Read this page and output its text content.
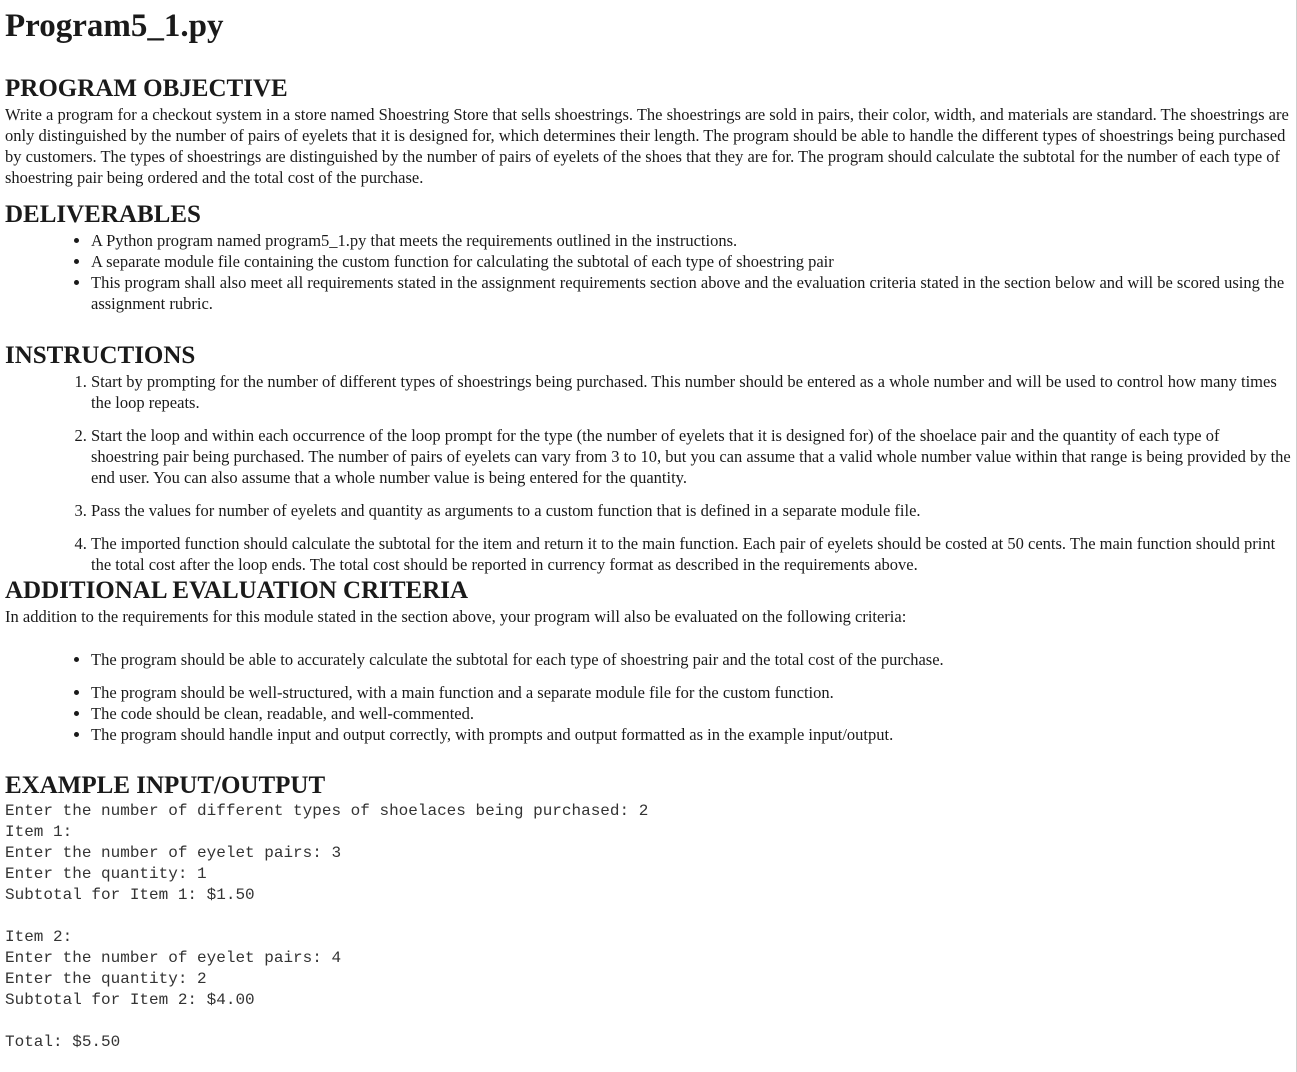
Program5_1.py
PROGRAM OBJECTIVE

Write a program for a checkout system in a store named Shoestring Store that sells shoestrings. The shoestrings are sold in pairs, their color, width, and materials are standard. The shoestrings are only distinguished by the number of pairs of eyelets that it is designed for, which determines their length. The program should be able to handle the different types of shoestrings being purchased by customers. The types of shoestrings are distinguished by the number of pairs of eyelets of the shoes that they are for. The program should calculate the subtotal for the number of each type of shoestring pair being ordered and the total cost of the purchase.

DELIVERABLES
• A Python program named program5_1.py that meets the requirements outlined in the instructions.
• A separate module file containing the custom function for calculating the subtotal of each type of shoestring pair
• This program shall also meet all requirements stated in the assignment requirements section above and the evaluation criteria stated in the section below and will be scored using the assignment rubric.
INSTRUCTIONS
1. Start by prompting for the number of different types of shoestrings being purchased. This number should be entered as a whole number and will be used to control how many times the loop repeats.
2. Start the loop and within each occurrence of the loop prompt for the type (the number of eyelets that it is designed for) of the shoelace pair and the quantity of each type of shoestring pair being purchased. The number of pairs of eyelets can vary from 3 to 10, but you can assume that a valid whole number value within that range is being provided by the end user. You can also assume that a whole number value is being entered for the quantity.
3. Pass the values for number of eyelets and quantity as arguments to a custom function that is defined in a separate module file.
4. The imported function should calculate the subtotal for the item and return it to the main function. Each pair of eyelets should be costed at 50 cents. The main function should print the total cost after the loop ends. The total cost should be reported in currency format as described in the requirements above.
ADDITIONAL EVALUATION CRITERIA

In addition to the requirements for this module stated in the section above, your program will also be evaluated on the following criteria:

• The program should be able to accurately calculate the subtotal for each type of shoestring pair and the total cost of the purchase.
• The program should be well-structured, with a main function and a separate module file for the custom function.
• The code should be clean, readable, and well-commented.
• The program should handle input and output correctly, with prompts and output formatted as in the example input/output.
EXAMPLE INPUT/OUTPUT
Enter the number of different types of shoelaces being purchased: 2
Item 1:
Enter the number of eyelet pairs: 3
Enter the quantity: 1
Subtotal for Item 1: $1.50

Item 2:
Enter the number of eyelet pairs: 4
Enter the quantity: 2
Subtotal for Item 2: $4.00

Total: $5.50
